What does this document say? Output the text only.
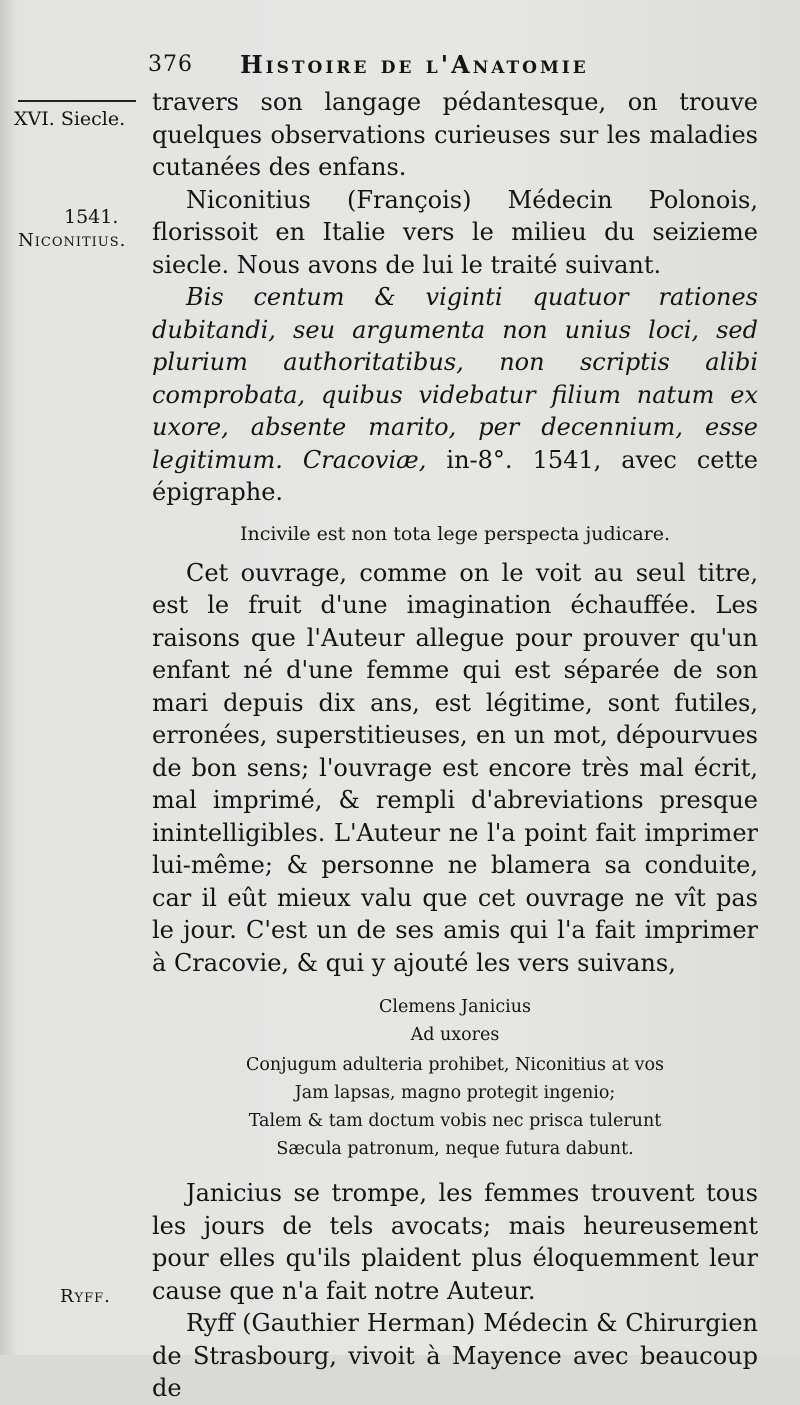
376 Histoire de l'Anatomie
XVI. Siecle.
1541.
Niconitius.
Ryff.

travers son langage pédantesque, on trouve quelques observations curieuses sur les maladies cutanées des enfans.

Niconitius (François) Médecin Polonois, florissoit en Italie vers le milieu du seizieme siecle. Nous avons de lui le traité suivant.

Bis centum & viginti quatuor rationes dubitandi, seu argumenta non unius loci, sed plurium authoritatibus, non scriptis alibi comprobata, quibus videbatur filium natum ex uxore, absente marito, per decennium, esse legitimum. Cracoviæ, in-8°. 1541, avec cette épigraphe.

Incivile est non tota lege perspecta judicare.

Cet ouvrage, comme on le voit au seul titre, est le fruit d'une imagination échauffée. Les raisons que l'Auteur allegue pour prouver qu'un enfant né d'une femme qui est séparée de son mari depuis dix ans, est légitime, sont futiles, erronées, superstitieuses, en un mot, dépourvues de bon sens; l'ouvrage est encore très mal écrit, mal imprimé, & rempli d'abreviations presque inintelligibles. L'Auteur ne l'a point fait imprimer lui-même; & personne ne blamera sa conduite, car il eût mieux valu que cet ouvrage ne vît pas le jour. C'est un de ses amis qui l'a fait imprimer à Cracovie, & qui y ajouté les vers suivans,

Clemens Janicius
Ad uxores
Conjugum adulteria prohibet, Niconitius at vos
Jam lapsas, magno protegit ingenio;
Talem & tam doctum vobis nec prisca tulerunt
Sæcula patronum, neque futura dabunt.

Janicius se trompe, les femmes trouvent tous les jours de tels avocats; mais heureusement pour elles qu'ils plaident plus éloquemment leur cause que n'a fait notre Auteur.

Ryff (Gauthier Herman) Médecin & Chirurgien de Strasbourg, vivoit à Mayence avec beaucoup de
